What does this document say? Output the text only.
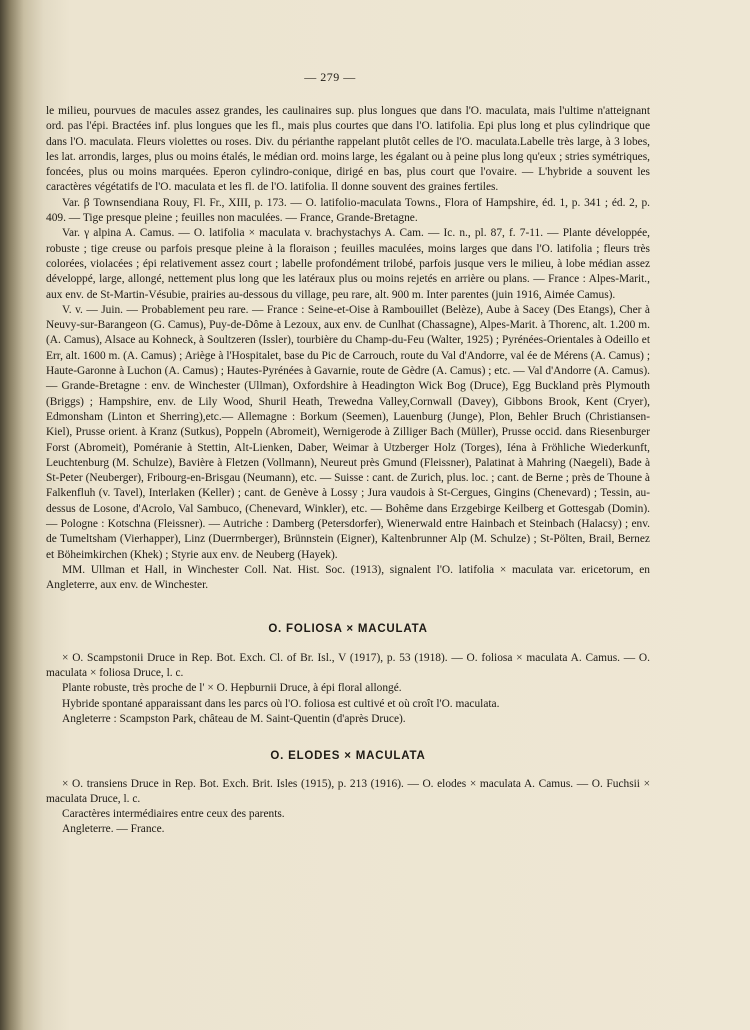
— 279 —

le milieu, pourvues de macules assez grandes, les caulinaires sup. plus longues que dans l'O. maculata, mais l'ultime n'atteignant ord. pas l'épi. Bractées inf. plus longues que les fl., mais plus courtes que dans l'O. latifolia. Epi plus long et plus cylindrique que dans l'O. maculata. Fleurs violettes ou roses. Div. du périanthe rappelant plutôt celles de l'O. maculata.Labelle très large, à 3 lobes, les lat. arrondis, larges, plus ou moins étalés, le médian ord. moins large, les égalant ou à peine plus long qu'eux ; stries symétriques, foncées, plus ou moins marquées. Eperon cylindro-conique, dirigé en bas, plus court que l'ovaire. — L'hybride a souvent les caractères végétatifs de l'O. maculata et les fl. de l'O. latifolia. Il donne souvent des graines fertiles.

Var. β Townsendiana Rouy, Fl. Fr., XIII, p. 173. — O. latifolio-maculata Towns., Flora of Hampshire, éd. 1, p. 341 ; éd. 2, p. 409. — Tige presque pleine ; feuilles non maculées. — France, Grande-Bretagne.

Var. γ alpina A. Camus. — O. latifolia × maculata v. brachystachys A. Cam. — Ic. n., pl. 87, f. 7-11. — Plante développée, robuste ; tige creuse ou parfois presque pleine à la floraison ; feuilles maculées, moins larges que dans l'O. latifolia ; fleurs très colorées, violacées ; épi relativement assez court ; labelle profondément trilobé, parfois jusque vers le milieu, à lobe médian assez développé, large, allongé, nettement plus long que les latéraux plus ou moins rejetés en arrière ou plans. — France : Alpes-Marit., aux env. de St-Martin-Vésubie, prairies au-dessous du village, peu rare, alt. 900 m. Inter parentes (juin 1916, Aimée Camus).

V. v. — Juin. — Probablement peu rare. — France : Seine-et-Oise à Rambouillet (Belèze), Aube à Sacey (Des Etangs), Cher à Neuvy-sur-Barangeon (G. Camus), Puy-de-Dôme à Lezoux, aux env. de Cunlhat (Chassagne), Alpes-Marit. à Thorenc, alt. 1.200 m. (A. Camus), Alsace au Kohneck, à Soultzeren (Issler), tourbière du Champ-du-Feu (Walter, 1925) ; Pyrénées-Orientales à Odeillo et Err, alt. 1600 m. (A. Camus) ; Ariège à l'Hospitalet, base du Pic de Carrouch, route du Val d'Andorre, val ée de Mérens (A. Camus) ; Haute-Garonne à Luchon (A. Camus) ; Hautes-Pyrénées à Gavarnie, route de Gèdre (A. Camus) ; etc. — Val d'Andorre (A. Camus). — Grande-Bretagne : env. de Winchester (Ullman), Oxfordshire à Headington Wick Bog (Druce), Egg Buckland près Plymouth (Briggs) ; Hampshire, env. de Lily Wood, Shuril Heath, Trewedna Valley,Cornwall (Davey), Gibbons Brook, Kent (Cryer), Edmonsham (Linton et Sherring),etc.— Allemagne : Borkum (Seemen), Lauenburg (Junge), Plon, Behler Bruch (Christiansen-Kiel), Prusse orient. à Kranz (Sutkus), Poppeln (Abromeit), Wernigerode à Zilliger Bach (Müller), Prusse occid. dans Riesenburger Forst (Abromeit), Poméranie à Stettin, Alt-Lienken, Daber, Weimar à Utzberger Holz (Torges), Iéna à Fröhliche Wiederkunft, Leuchtenburg (M. Schulze), Bavière à Fletzen (Vollmann), Neureut près Gmund (Fleissner), Palatinat à Mahring (Naegeli), Bade à St-Peter (Neuberger), Fribourg-en-Brisgau (Neumann), etc. — Suisse : cant. de Zurich, plus. loc. ; cant. de Berne ; près de Thoune à Falkenfluh (v. Tavel), Interlaken (Keller) ; cant. de Genève à Lossy ; Jura vaudois à St-Cergues, Gingins (Chenevard) ; Tessin, au-dessus de Losone, d'Acrolo, Val Sambuco, (Chenevard, Winkler), etc. — Bohême dans Erzgebirge Keilberg et Gottesgab (Domin). — Pologne : Kotschna (Fleissner). — Autriche : Damberg (Petersdorfer), Wienerwald entre Hainbach et Steinbach (Halacsy) ; env. de Tumeltsham (Vierhapper), Linz (Duerrnberger), Brünnstein (Eigner), Kaltenbrunner Alp (M. Schulze) ; St-Pölten, Brail, Bernez et Böheimkirchen (Khek) ; Styrie aux env. de Neuberg (Hayek).

MM. Ullman et Hall, in Winchester Coll. Nat. Hist. Soc. (1913), signalent l'O. latifolia × maculata var. ericetorum, en Angleterre, aux env. de Winchester.

O. FOLIOSA × MACULATA

× O. Scampstonii Druce in Rep. Bot. Exch. Cl. of Br. Isl., V (1917), p. 53 (1918). — O. foliosa × maculata A. Camus. — O. maculata × foliosa Druce, l. c.

Plante robuste, très proche de l' × O. Hepburnii Druce, à épi floral allongé.

Hybride spontané apparaissant dans les parcs où l'O. foliosa est cultivé et où croît l'O. maculata.

Angleterre : Scampston Park, château de M. Saint-Quentin (d'après Druce).

O. ELODES × MACULATA

× O. transiens Druce in Rep. Bot. Exch. Brit. Isles (1915), p. 213 (1916). — O. elodes × maculata A. Camus. — O. Fuchsii × maculata Druce, l. c.

Caractères intermédiaires entre ceux des parents.

Angleterre. — France.
